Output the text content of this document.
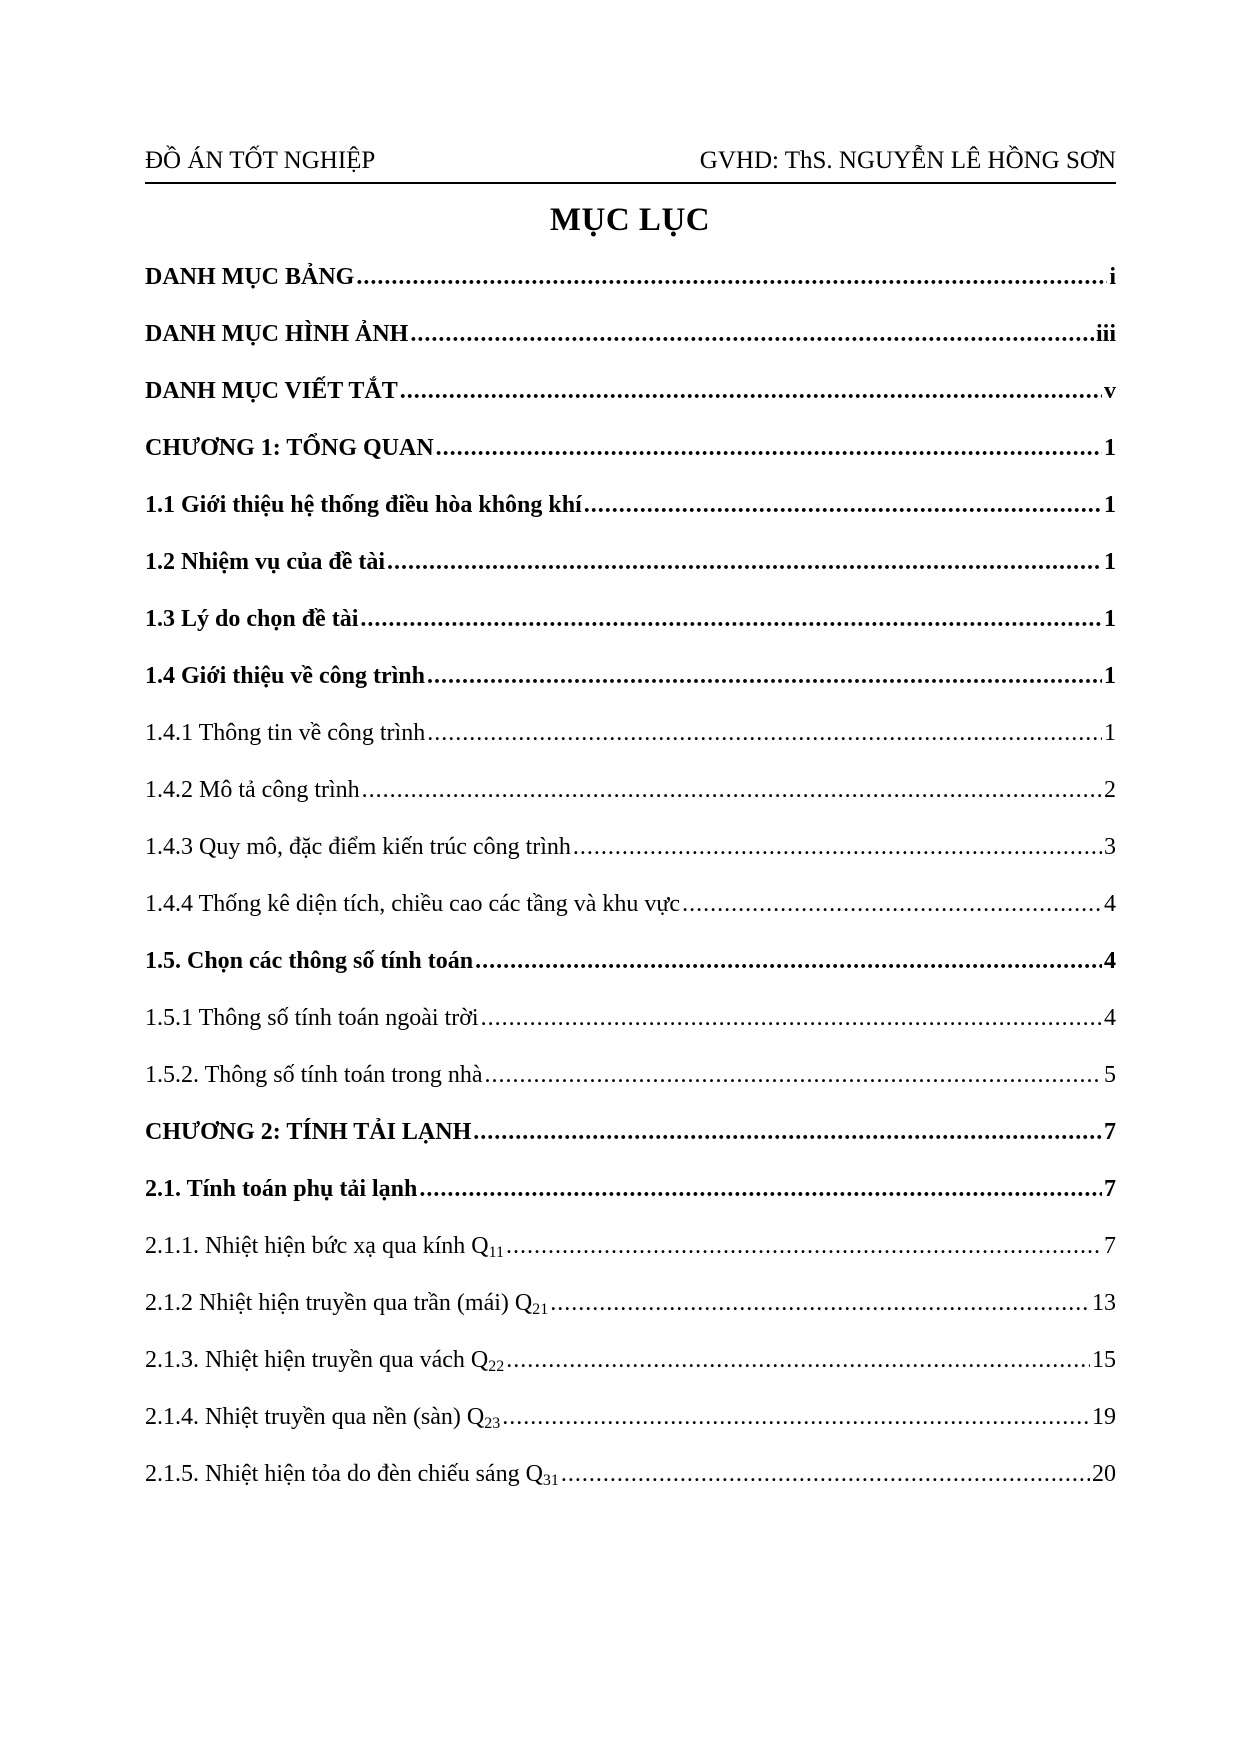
ĐỒ ÁN TỐT NGHIỆP	GVHD: ThS. NGUYỄN LÊ HỒNG SƠN
MỤC LỤC
DANH MỤC BẢNG .....	i
DANH MỤC HÌNH ẢNH .....	iii
DANH MỤC VIẾT TẮT .....	v
CHƯƠNG 1: TỔNG QUAN .....	1
1.1 Giới thiệu hệ thống điều hòa không khí .....	1
1.2 Nhiệm vụ của đề tài .....	1
1.3 Lý do chọn đề tài .....	1
1.4 Giới thiệu về công trình .....	1
1.4.1 Thông tin về công trình .....	1
1.4.2 Mô tả công trình .....	2
1.4.3 Quy mô, đặc điểm kiến trúc công trình .....	3
1.4.4 Thống kê diện tích, chiều cao các tầng và khu vực .....	4
1.5. Chọn các thông số tính toán .....	4
1.5.1 Thông số tính toán ngoài trời .....	4
1.5.2. Thông số tính toán trong nhà .....	5
CHƯƠNG 2: TÍNH TẢI LẠNH .....	7
2.1. Tính toán phụ tải lạnh .....	7
2.1.1. Nhiệt hiện bức xạ qua kính $Q_{11}$ .....	7
2.1.2 Nhiệt hiện truyền qua trần (mái) $Q_{21}$ .....	13
2.1.3. Nhiệt hiện truyền qua vách $Q_{22}$ .....	15
2.1.4. Nhiệt truyền qua nền (sàn) $Q_{23}$ .....	19
2.1.5. Nhiệt hiện tỏa do đèn chiếu sáng $Q_{31}$ .....	20
